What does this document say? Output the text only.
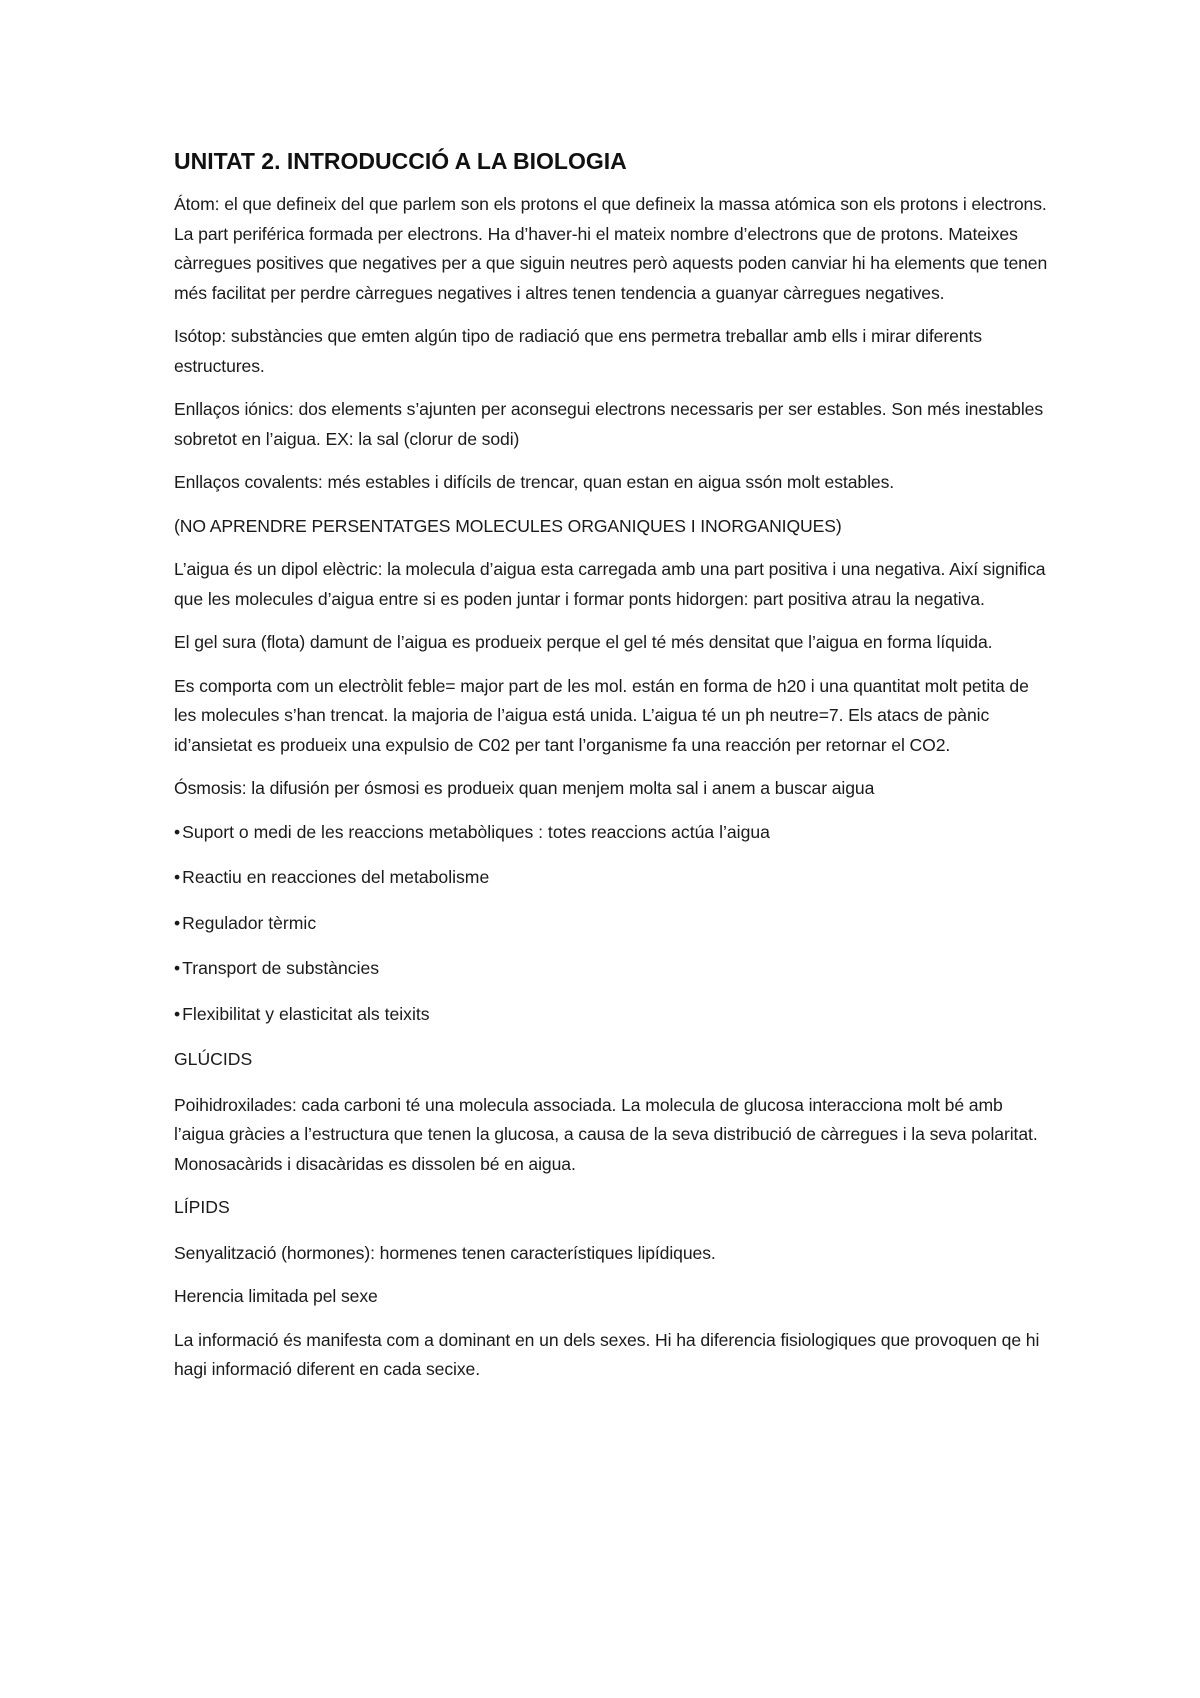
UNITAT 2. INTRODUCCIÓ A LA BIOLOGIA

Átom: el que defineix del que parlem son els protons el que defineix la massa atómica son els protons i electrons. La part periférica formada per electrons. Ha d’haver-hi el mateix nombre d’electrons que de protons. Mateixes càrregues positives que negatives per a que siguin neutres però aquests poden canviar hi ha elements que tenen més facilitat per perdre càrregues negatives i altres tenen tendencia a guanyar càrregues negatives.

Isótop: substàncies que emten algún tipo de radiació que ens permetra treballar amb ells i mirar diferents estructures.

Enllaços iónics: dos elements s’ajunten per aconsegui electrons necessaris per ser estables. Son més inestables sobretot en l’aigua. EX: la sal (clorur de sodi)

Enllaços covalents: més estables i difícils de trencar, quan estan en aigua ssón molt estables.

(NO APRENDRE PERSENTATGES MOLECULES ORGANIQUES I INORGANIQUES)

L’aigua és un dipol elèctric: la molecula d’aigua esta carregada amb una part positiva i una negativa. Així significa que les molecules d’aigua entre si es poden juntar i formar ponts hidorgen: part positiva atrau la negativa.

El gel sura (flota) damunt de l’aigua es produeix perque el gel té més densitat que l’aigua en forma líquida.

Es comporta com un electròlit feble= major part de les mol. están en forma de h20 i una quantitat molt petita de les molecules s’han trencat. la majoria de l’aigua está unida. L’aigua té un ph neutre=7. Els atacs de pànic id’ansietat es produeix una expulsio de C02 per tant l’organisme fa una reacción per retornar el CO2.

Ósmosis: la difusión per ósmosi es produeix quan menjem molta sal i anem a buscar aigua

• Suport o medi de les reaccions metabòliques : totes reaccions actúa l’aigua
• Reactiu en reacciones del metabolisme
• Regulador tèrmic
• Transport de substàncies
• Flexibilitat y elasticitat als teixits

GLÚCIDS

Poihidroxilades: cada carboni té una molecula associada. La molecula de glucosa interacciona molt bé amb l’aigua gràcies a l’estructura que tenen la glucosa, a causa de la seva distribució de càrregues i la seva polaritat. Monosacàrids i disacàridas es dissolen bé en aigua.

LÍPIDS

Senyalització (hormones): hormenes tenen característiques lipídiques.

Herencia limitada pel sexe

La informació és manifesta com a dominant en un dels sexes. Hi ha diferencia fisiologiques que provoquen qe hi hagi informació diferent en cada secixe.
